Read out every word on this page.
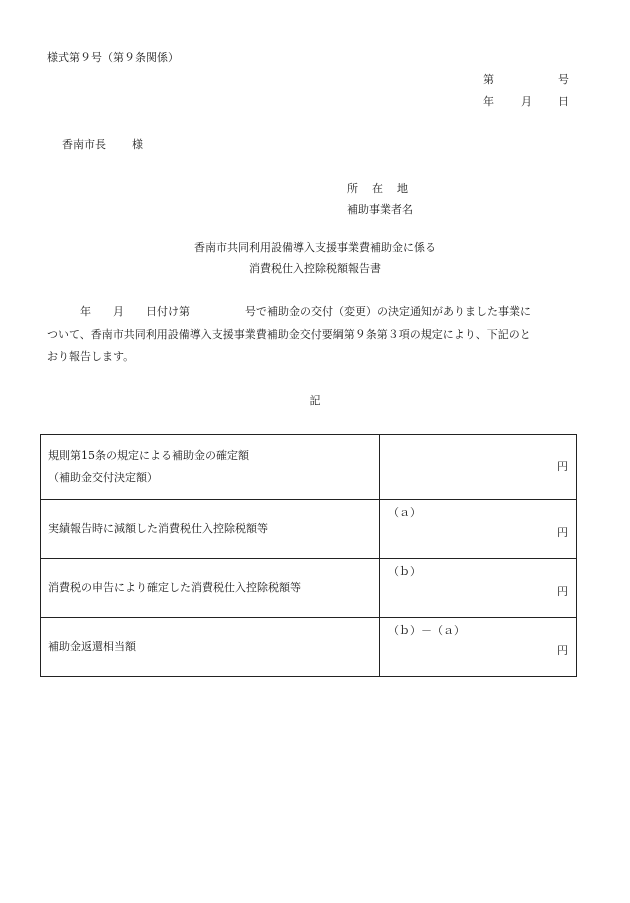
様式第９号（第９条関係）
第	号
年 月 日
香南市長 様
所在地
補助事業者名
香南市共同利用設備導入支援事業費補助金に係る
消費税仕入控除税額報告書
　　　年　　月　　日付け第　　　　　号で補助金の交付（変更）の決定通知がありました事業に
ついて、香南市共同利用設備導入支援事業費補助金交付要綱第９条第３項の規定により、下記のと
おり報告します。
記
規則第15条の規定による補助金の確定額
（補助金交付決定額）	円

実績報告時に減額した消費税仕入控除税額等	（ａ）
円

消費税の申告により確定した消費税仕入控除税額等	（ｂ）
円

補助金返還相当額	（ｂ）－（ａ）
円
